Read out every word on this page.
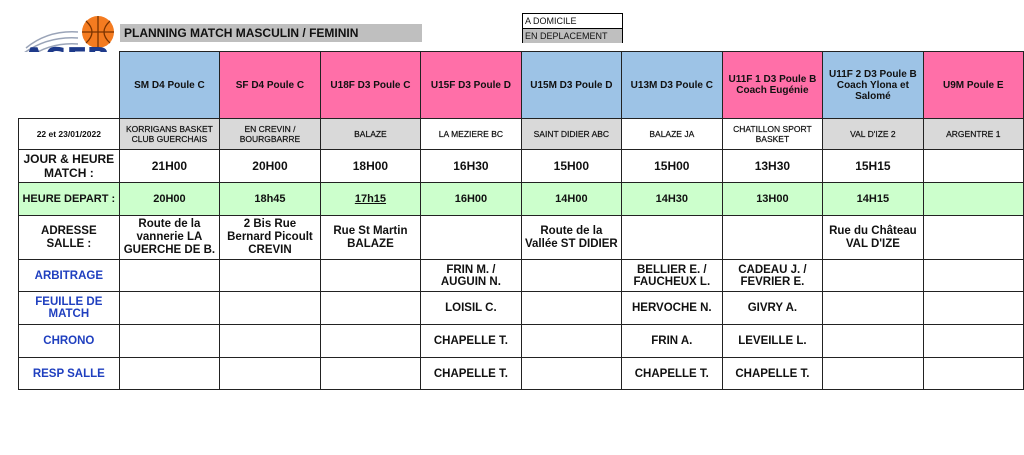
PLANNING MATCH MASCULIN / FEMININ
A DOMICILE
EN DEPLACEMENT
	SM D4 Poule C	SF D4 Poule C	U18F D3 Poule C	U15F D3 Poule D	U15M D3 Poule D	U13M D3 Poule C	U11F 1 D3 Poule B Coach Eugénie	U11F 2 D3 Poule B Coach Ylona et Salomé	U9M Poule E
22 et 23/01/2022	KORRIGANS BASKET CLUB GUERCHAIS	EN CREVIN / BOURGBARRE	BALAZE	LA MEZIERE BC	SAINT DIDIER ABC	BALAZE JA	CHATILLON SPORT BASKET	VAL D'IZE 2	ARGENTRE 1
JOUR & HEURE MATCH :	21H00	20H00	18H00	16H30	15H00	15H00	13H30	15H15	
HEURE DEPART :	20H00	18h45	17h15	16H00	14H00	14H30	13H00	14H15	
ADRESSE SALLE :	Route de la vannerie LA GUERCHE DE B.	2 Bis Rue Bernard Picoult CREVIN	Rue St Martin BALAZE		Route de la Vallée ST DIDIER			Rue du Château VAL D'IZE	
ARBITRAGE				FRIN M. / AUGUIN N.		BELLIER E. / FAUCHEUX L.	CADEAU J. / FEVRIER E.		
FEUILLE DE MATCH				LOISIL C.		HERVOCHE N.	GIVRY A.		
CHRONO				CHAPELLE T.		FRIN A.	LEVEILLE L.		
RESP SALLE				CHAPELLE T.		CHAPELLE T.	CHAPELLE T.		
